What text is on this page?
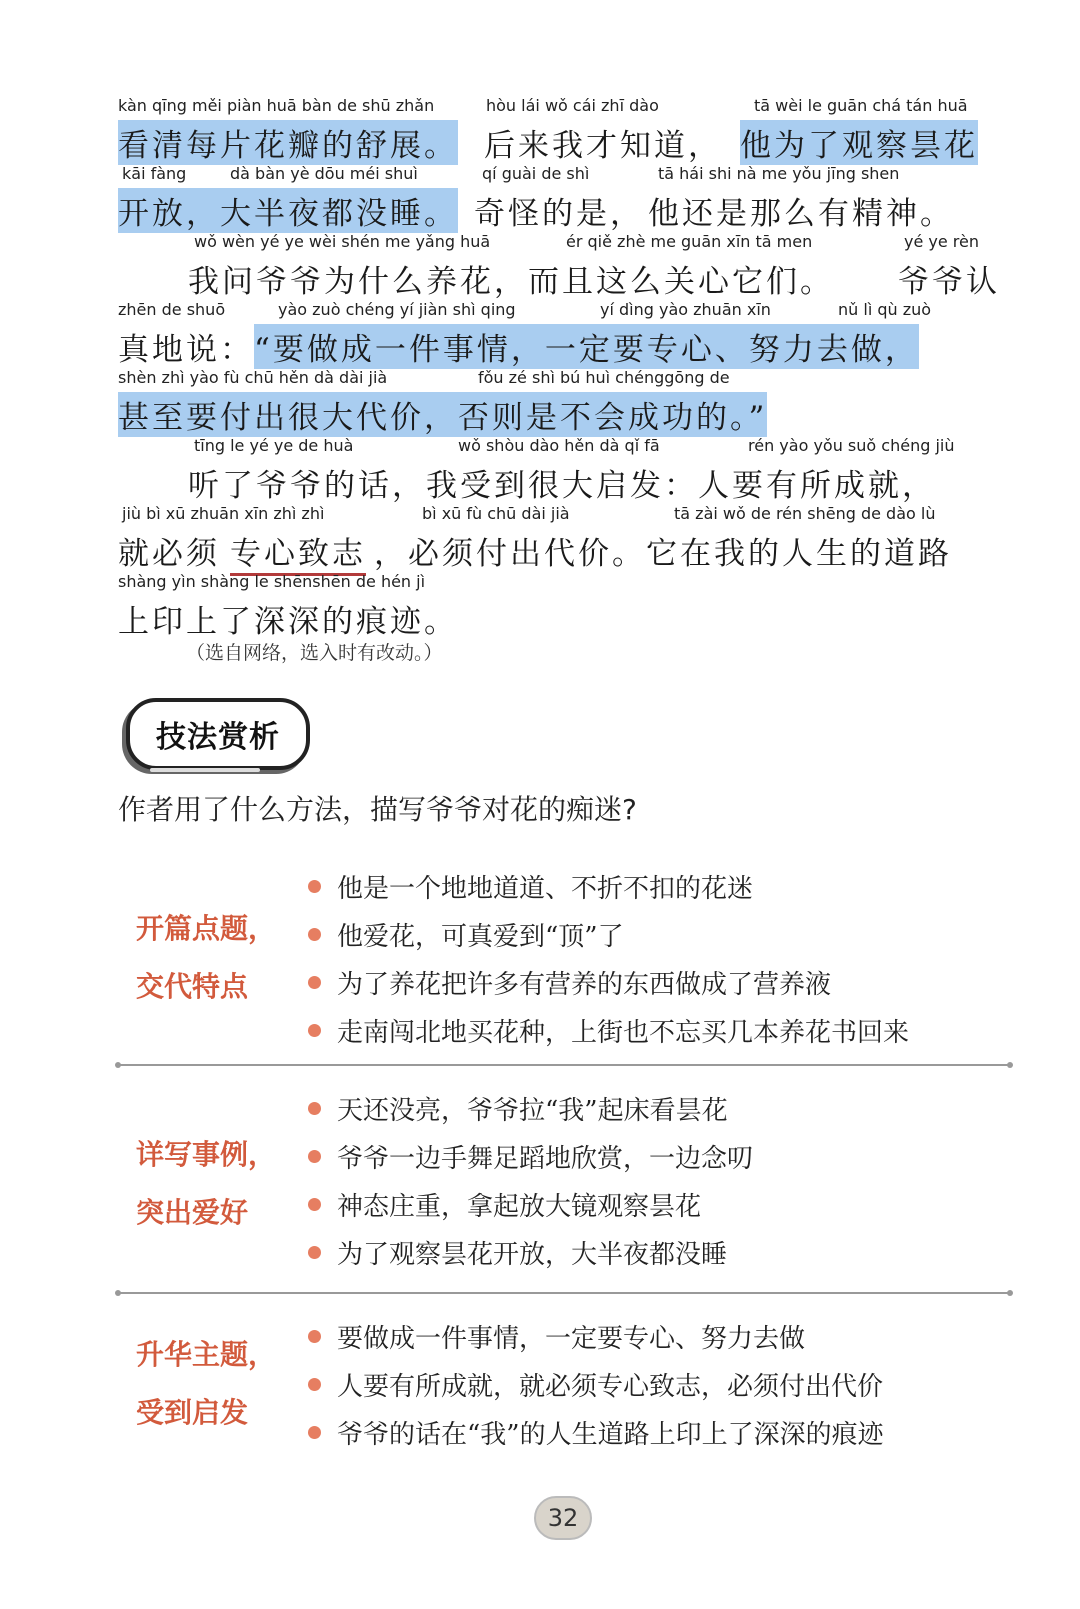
kàn qīng měi piàn huā bàn de shū zhǎn	hòu lái wǒ cái zhī dào	tā wèi le guān chá tán huā
看清每片花瓣的舒展。 后来我才知道， 他为了观察昙花
kāi fàng	dà bàn yè dōu méi shuì	qí guài de shì	tā hái shi nà me yǒu jīng shen
开放，大半夜都没睡。 奇怪的是， 他还是那么有精神。
wǒ wèn yé ye wèi shén me yǎng huā	ér qiě zhè me guān xīn tā men	yé ye rèn
我问爷爷为什么养花，而且这么关心它们。 爷爷认
zhēn de shuō	yào zuò chéng yí jiàn shì qing	yí dìng yào zhuān xīn	nǔ lì qù zuò
真地说： “要做成一件事情，一定要专心、努力去做，
shèn zhì yào fù chū hěn dà dài jià	fǒu zé shì bú huì chénggōng de
甚至要付出很大代价，否则是不会成功的。”
tīng le yé ye de huà	wǒ shòu dào hěn dà qǐ fā	rén yào yǒu suǒ chéng jiù
听了爷爷的话，我受到很大启发：人要有所成就，
jiù bì xū zhuān xīn zhì zhì	bì xū fù chū dài jià	tā zài wǒ de rén shēng de dào lù
就必须 专心致志 ，必须付出代价。它在我的人生的道路
shàng yìn shàng le shēnshēn de hén jì
上印上了深深的痕迹。
（选自网络，选入时有改动。）
技法赏析
作者用了什么方法，描写爷爷对花的痴迷?
开篇点题，
交代特点
他是一个地地道道、不折不扣的花迷
他爱花，可真爱到“顶”了
为了养花把许多有营养的东西做成了营养液
走南闯北地买花种，上街也不忘买几本养花书回来
详写事例，
突出爱好
天还没亮，爷爷拉“我”起床看昙花
爷爷一边手舞足蹈地欣赏，一边念叨
神态庄重，拿起放大镜观察昙花
为了观察昙花开放，大半夜都没睡
升华主题，
受到启发
要做成一件事情，一定要专心、努力去做
人要有所成就，就必须专心致志，必须付出代价
爷爷的话在“我”的人生道路上印上了深深的痕迹
32
